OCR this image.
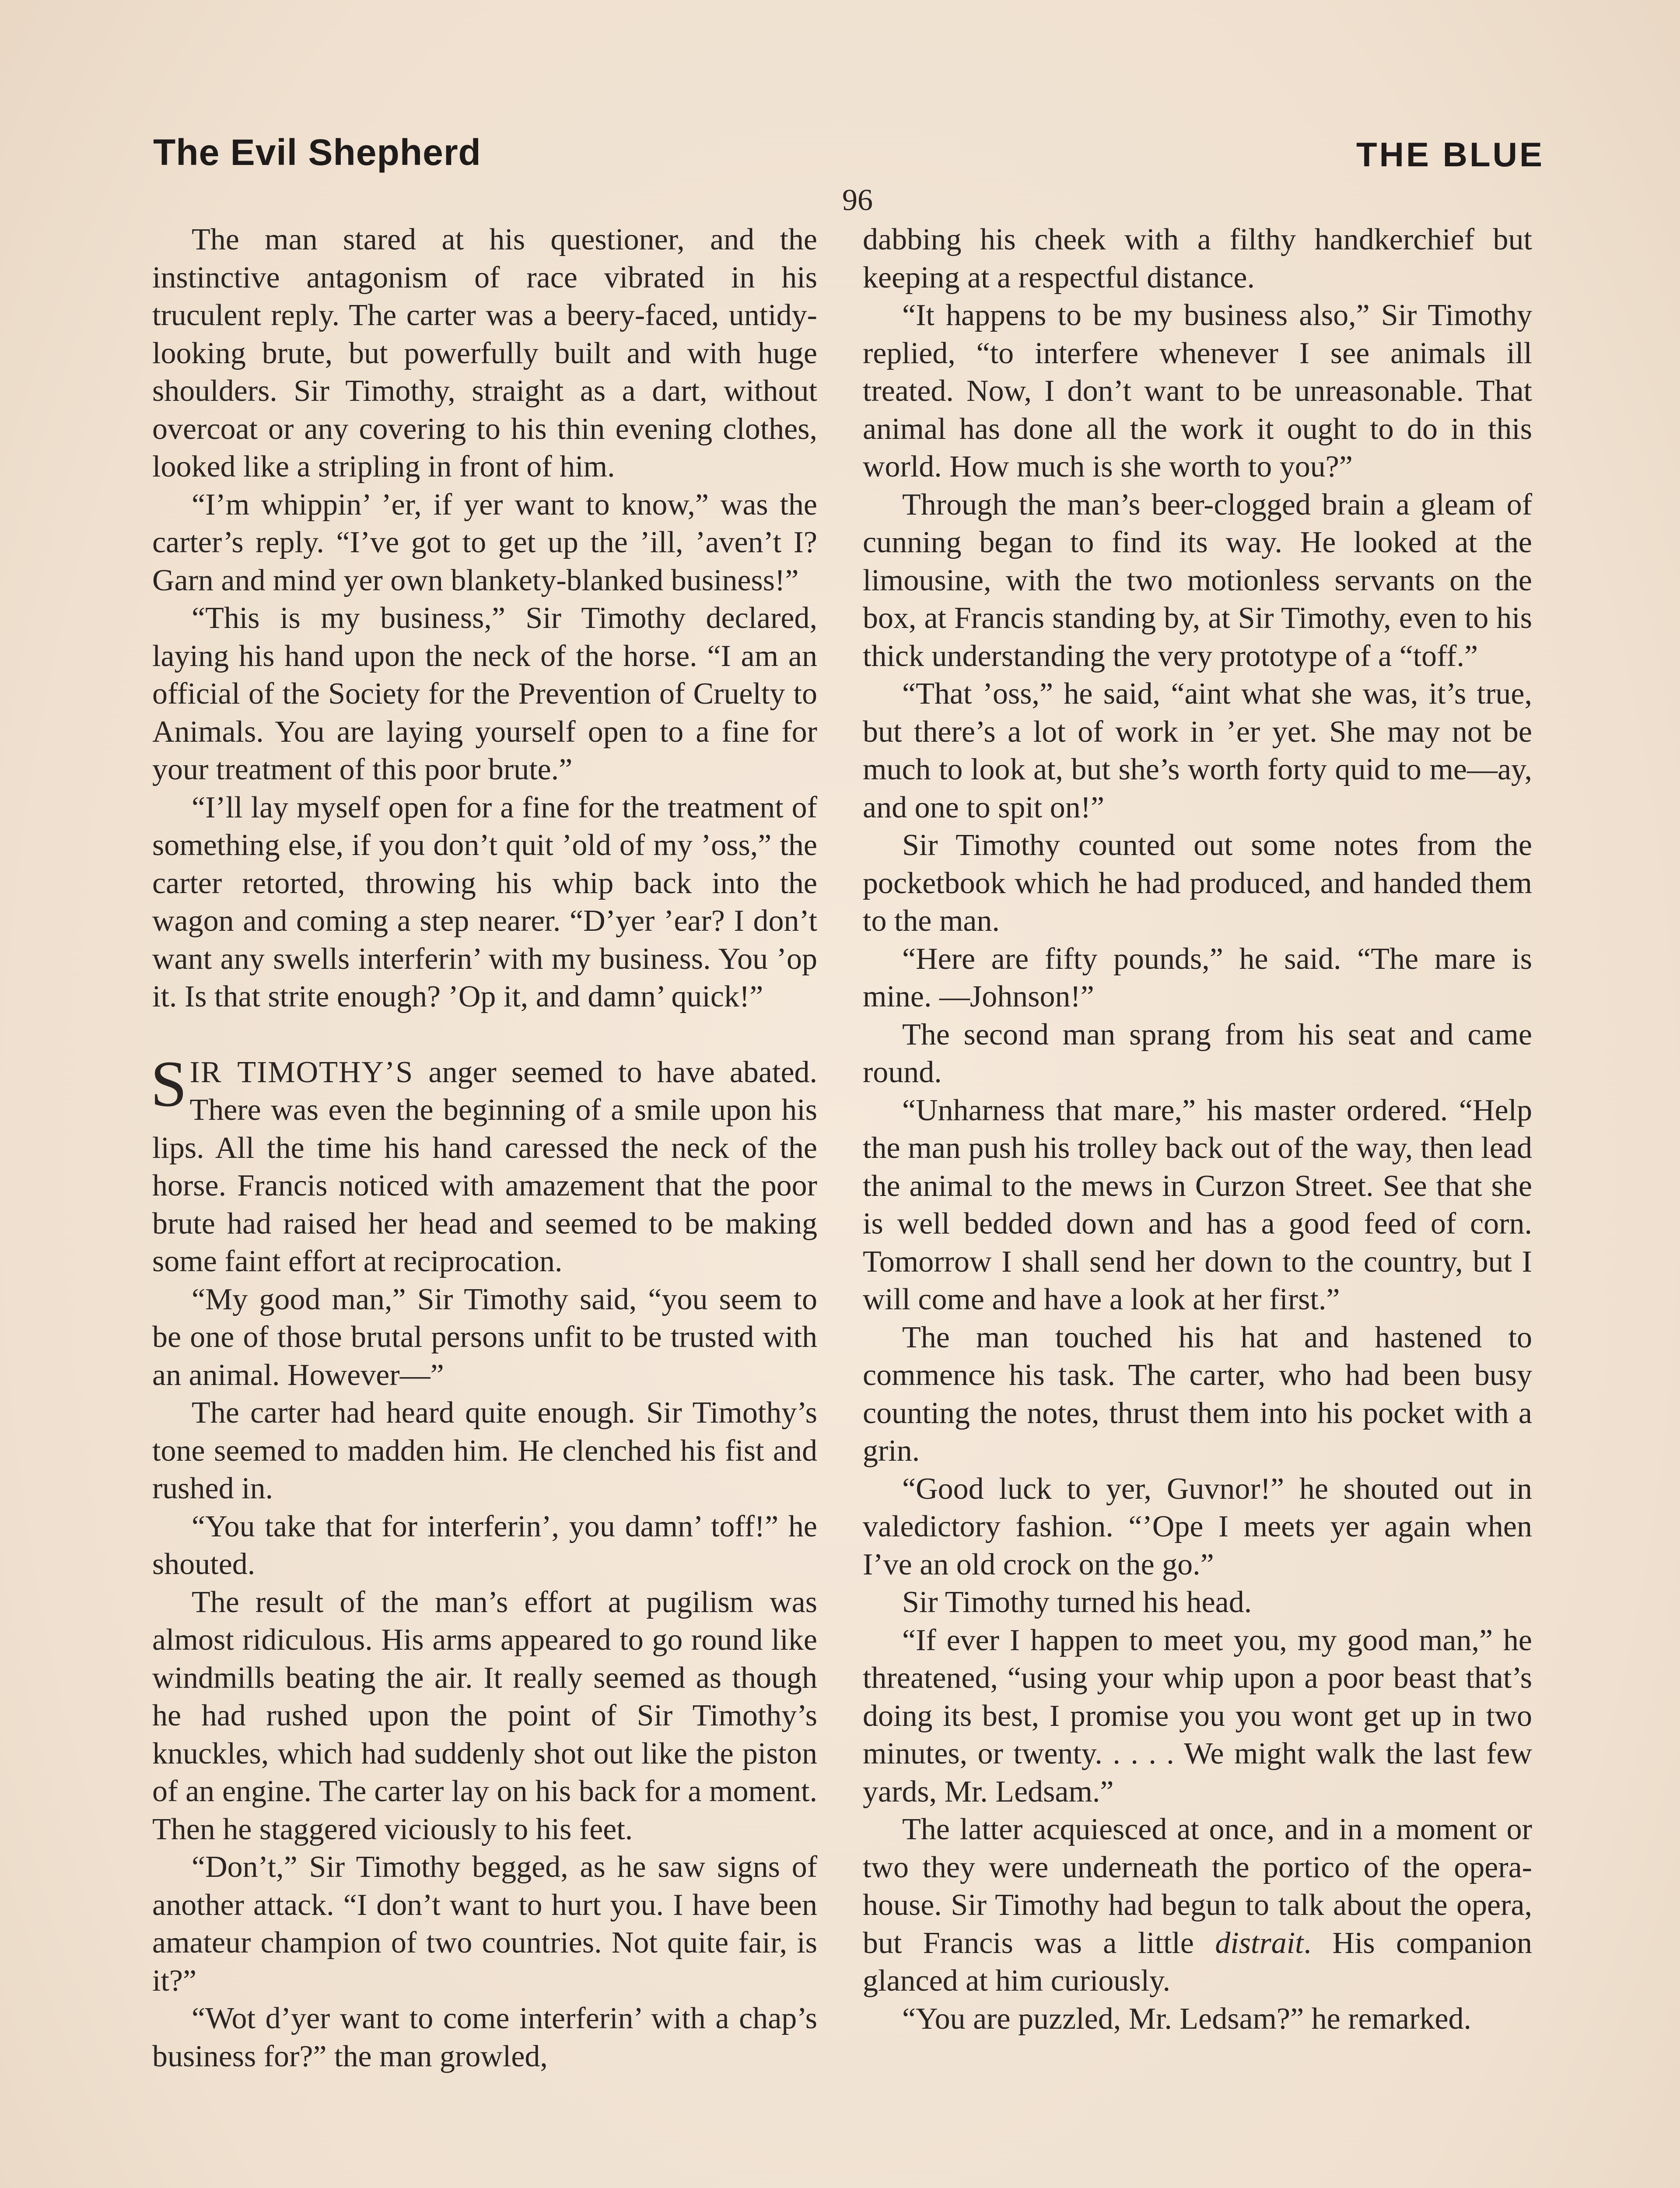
The Evil Shepherd	THE BLUE
96

The man stared at his questioner, and the instinctive antagonism of race vibrated in his truculent reply. The carter was a beery-faced, untidy-looking brute, but powerfully built and with huge shoulders. Sir Timothy, straight as a dart, without overcoat or any covering to his thin evening clothes, looked like a stripling in front of him.

“I’m whippin’ ’er, if yer want to know,” was the carter’s reply. “I’ve got to get up the ’ill, ’aven’t I? Garn and mind yer own blankety-blanked business!”

“This is my business,” Sir Timothy declared, laying his hand upon the neck of the horse. “I am an official of the Society for the Prevention of Cruelty to Animals. You are laying yourself open to a fine for your treatment of this poor brute.”

“I’ll lay myself open for a fine for the treatment of something else, if you don’t quit ’old of my ’oss,” the carter retorted, throwing his whip back into the wagon and coming a step nearer. “D’yer ’ear? I don’t want any swells interferin’ with my business. You ’op it. Is that strite enough? ’Op it, and damn’ quick!”

SIR TIMOTHY’S anger seemed to have abated. There was even the beginning of a smile upon his lips. All the time his hand caressed the neck of the horse. Francis noticed with amazement that the poor brute had raised her head and seemed to be making some faint effort at reciprocation.

“My good man,” Sir Timothy said, “you seem to be one of those brutal persons unfit to be trusted with an animal. However—”

The carter had heard quite enough. Sir Timothy’s tone seemed to madden him. He clenched his fist and rushed in.

“You take that for interferin’, you damn’ toff!” he shouted.

The result of the man’s effort at pugilism was almost ridiculous. His arms appeared to go round like windmills beating the air. It really seemed as though he had rushed upon the point of Sir Timothy’s knuckles, which had suddenly shot out like the piston of an engine. The carter lay on his back for a moment. Then he staggered viciously to his feet.

“Don’t,” Sir Timothy begged, as he saw signs of another attack. “I don’t want to hurt you. I have been amateur champion of two countries. Not quite fair, is it?”

“Wot d’yer want to come interferin’ with a chap’s business for?” the man growled,

dabbing his cheek with a filthy handkerchief but keeping at a respectful distance.

“It happens to be my business also,” Sir Timothy replied, “to interfere whenever I see animals ill treated. Now, I don’t want to be unreasonable. That animal has done all the work it ought to do in this world. How much is she worth to you?”

Through the man’s beer-clogged brain a gleam of cunning began to find its way. He looked at the limousine, with the two motionless servants on the box, at Francis standing by, at Sir Timothy, even to his thick understanding the very prototype of a “toff.”

“That ’oss,” he said, “aint what she was, it’s true, but there’s a lot of work in ’er yet. She may not be much to look at, but she’s worth forty quid to me—ay, and one to spit on!”

Sir Timothy counted out some notes from the pocketbook which he had produced, and handed them to the man.

“Here are fifty pounds,” he said. “The mare is mine. —Johnson!”

The second man sprang from his seat and came round.

“Unharness that mare,” his master ordered. “Help the man push his trolley back out of the way, then lead the animal to the mews in Curzon Street. See that she is well bedded down and has a good feed of corn. Tomorrow I shall send her down to the country, but I will come and have a look at her first.”

The man touched his hat and hastened to commence his task. The carter, who had been busy counting the notes, thrust them into his pocket with a grin.

“Good luck to yer, Guvnor!” he shouted out in valedictory fashion. “’Ope I meets yer again when I’ve an old crock on the go.”

Sir Timothy turned his head.

“If ever I happen to meet you, my good man,” he threatened, “using your whip upon a poor beast that’s doing its best, I promise you you wont get up in two minutes, or twenty. . . . . We might walk the last few yards, Mr. Ledsam.”

The latter acquiesced at once, and in a moment or two they were underneath the portico of the opera-house. Sir Timothy had begun to talk about the opera, but Francis was a little distrait. His companion glanced at him curiously.

“You are puzzled, Mr. Ledsam?” he remarked.
